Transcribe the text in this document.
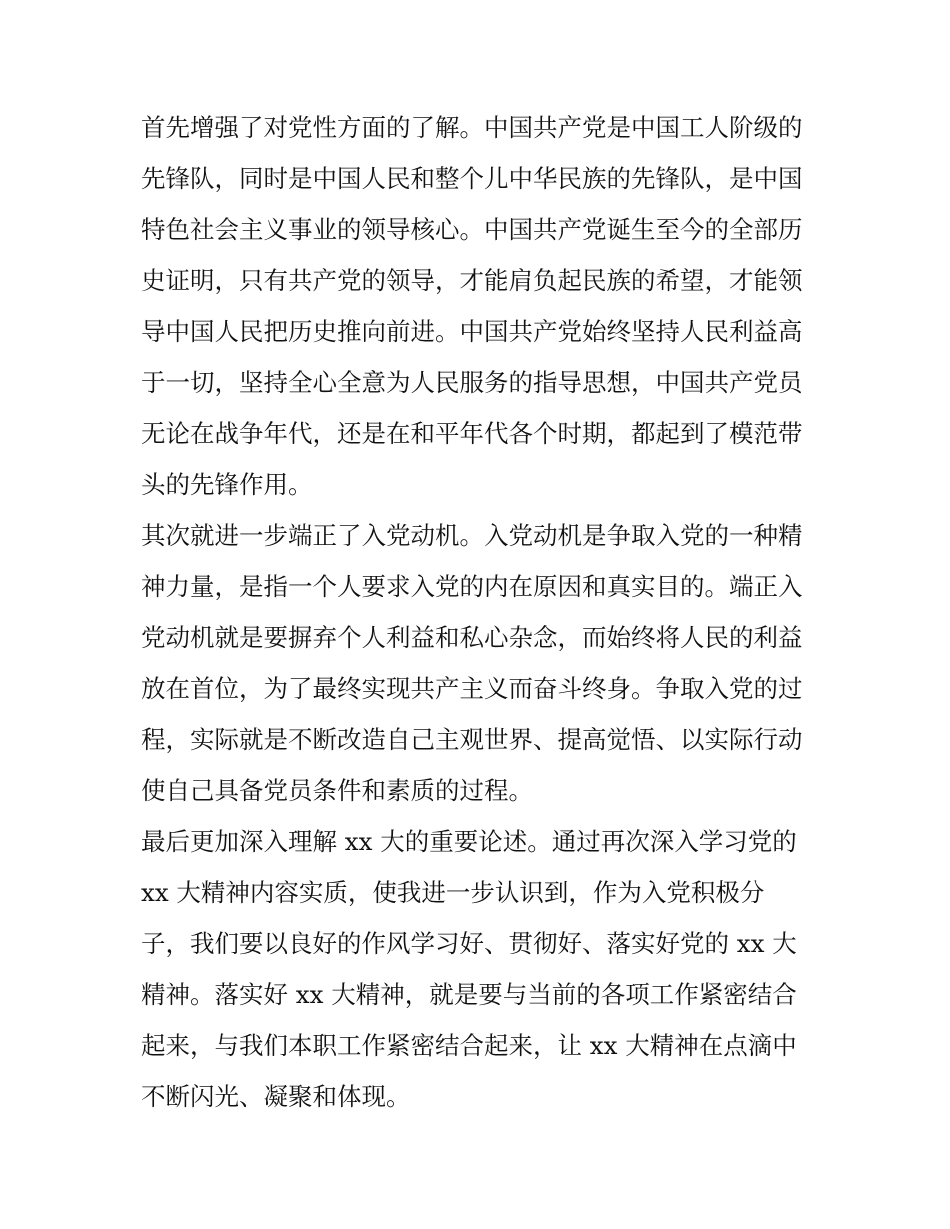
首先增强了对党性方面的了解。中国共产党是中国工人阶级的
先锋队，同时是中国人民和整个儿中华民族的先锋队，是中国
特色社会主义事业的领导核心。中国共产党诞生至今的全部历
史证明，只有共产党的领导，才能肩负起民族的希望，才能领
导中国人民把历史推向前进。中国共产党始终坚持人民利益高
于一切，坚持全心全意为人民服务的指导思想，中国共产党员
无论在战争年代，还是在和平年代各个时期，都起到了模范带
头的先锋作用。
其次就进一步端正了入党动机。入党动机是争取入党的一种精
神力量，是指一个人要求入党的内在原因和真实目的。端正入
党动机就是要摒弃个人利益和私心杂念，而始终将人民的利益
放在首位，为了最终实现共产主义而奋斗终身。争取入党的过
程，实际就是不断改造自己主观世界、提高觉悟、以实际行动
使自己具备党员条件和素质的过程。
最后更加深入理解 xx 大的重要论述。通过再次深入学习党的
xx 大精神内容实质，使我进一步认识到，作为入党积极分
子，我们要以良好的作风学习好、贯彻好、落实好党的 xx 大
精神。落实好 xx 大精神，就是要与当前的各项工作紧密结合
起来，与我们本职工作紧密结合起来，让 xx 大精神在点滴中
不断闪光、凝聚和体现。
